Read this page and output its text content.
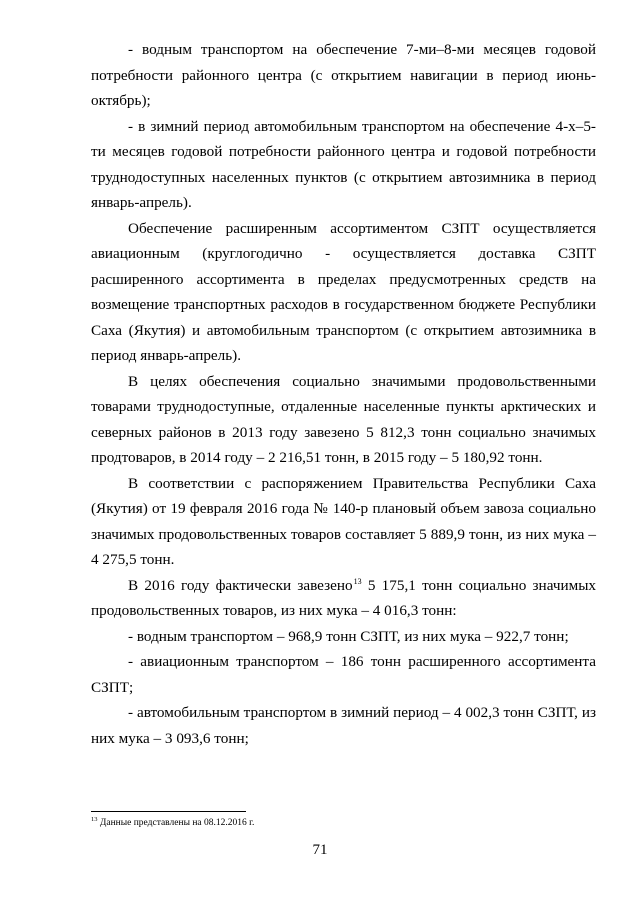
- водным транспортом на обеспечение 7-ми–8-ми месяцев годовой потребности районного центра (с открытием навигации в период июнь-октябрь);

- в зимний период автомобильным транспортом на обеспечение 4-х–5-ти месяцев годовой потребности районного центра и годовой потребности труднодоступных населенных пунктов (с открытием автозимника в период январь-апрель).

Обеспечение расширенным ассортиментом СЗПТ осуществляется авиационным (круглогодично - осуществляется доставка СЗПТ расширенного ассортимента в пределах предусмотренных средств на возмещение транспортных расходов в государственном бюджете Республики Саха (Якутия) и автомобильным транспортом (с открытием автозимника в период январь-апрель).

В целях обеспечения социально значимыми продовольственными товарами труднодоступные, отдаленные населенные пункты арктических и северных районов в 2013 году завезено 5 812,3 тонн социально значимых продтоваров, в 2014 году – 2 216,51 тонн, в 2015 году – 5 180,92 тонн.

В соответствии с распоряжением Правительства Республики Саха (Якутия) от 19 февраля 2016 года № 140-р плановый объем завоза социально значимых продовольственных товаров составляет 5 889,9 тонн, из них мука – 4 275,5 тонн.

В 2016 году фактически завезено$^{13}$ 5 175,1 тонн социально значимых продовольственных товаров, из них мука – 4 016,3 тонн:

- водным транспортом – 968,9 тонн СЗПТ, из них мука – 922,7 тонн;

- авиационным транспортом – 186 тонн расширенного ассортимента СЗПТ;

- автомобильным транспортом в зимний период – 4 002,3 тонн СЗПТ, из них мука – 3 093,6 тонн;

$^{13}$ Данные представлены на 08.12.2016 г.
71
